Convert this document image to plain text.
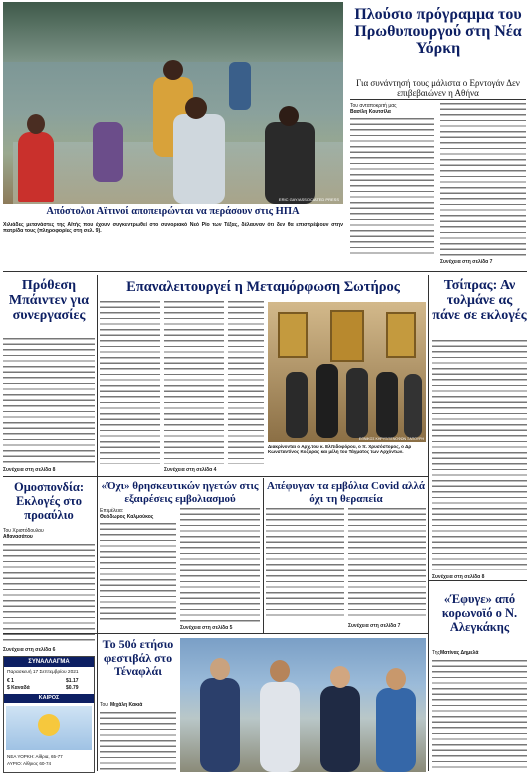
ERIC GAY/ASSOCIATED PRESS
Απόστολοι Αϊτινοί αποπειρώνται να περάσουν στις ΗΠΑ
Χιλιάδες μετανάστες της Αϊτής που έχουν συγκεντρωθεί στο συνοριακό Νεό Ρίο των Τέξας, δέλαυναν ότι δεν θα επιστρέψουν στην πατρίδα τους (πληροφορίες στη σελ. 9).
Πλούσιο πρόγραμμα του Πρωθυπουργού στη Νέα Υόρκη
Για συνάντησή τους μάλιστα ο Ερντογάν Δεν επιβεβαιώνεν η Αθήνα
Του ανταποκριτή μας
Βασίλη Κουτσίλα
Συνέχεια στη σελίδα 7
Πρόθεση Μπάιντεν για συνεργασίες
Συνέχεια στη σελίδα 8
Επαναλειτουργεί η Μεταμόρφωση Σωτήρος
ΕΘΝΙΚΟΣ ΚΗΡΥΞ/ΞΕΝΟΦΩΝ ΞΑΠΟΥΡΗ
Διακρίνονται ο Αρχ.του κ. Ελπιδοφόρου, ο π. Χρυσόστομος, ο Δρ Κωνσταντίνος Κοζυρας και μέλη του Τάγματος των Αρχόντων.
Συνέχεια στη σελίδα 4
Τσίπρας: Αν τολμάνε ας πάνε σε εκλογές
Συνέχεια στη σελίδα 8
Ομοσπονδία: Εκλογές στο προαύλιο
Του Χριστόδουλου
Αθανασάτου
Συνέχεια στη σελίδα 6
«Όχι» θρησκευτικών ηγετών στις εξαιρέσεις εμβολιασμού
Επιμέλεια:
Θεόδωρος Καλμούκος
Συνέχεια στη σελίδα 5
Απέφυγαν τα εμβόλια Covid αλλά όχι τη θεραπεία
Συνέχεια στη σελίδα 7
Το 50ό ετήσιο φεστιβάλ στο Τέναφλάι
Του Μιχάλη Κακιά
«Έφυγε» από κορωνοϊό ο Ν. Αλεγκάκης
Της Ματίνας Δημελά
ΣΥΝΑΛΛΑΓΜΑ
Παρασκευή 17 Σεπτεμβρίου 2021
€ 1	$1.17
$ Καναδά	$0.79
ΚΑΙΡΟΣ
ΝΕΑ ΥΟΡΚΗ: Αίθρια, 65-77
ΑΥΡΙΟ: Αίθριος 60-74
